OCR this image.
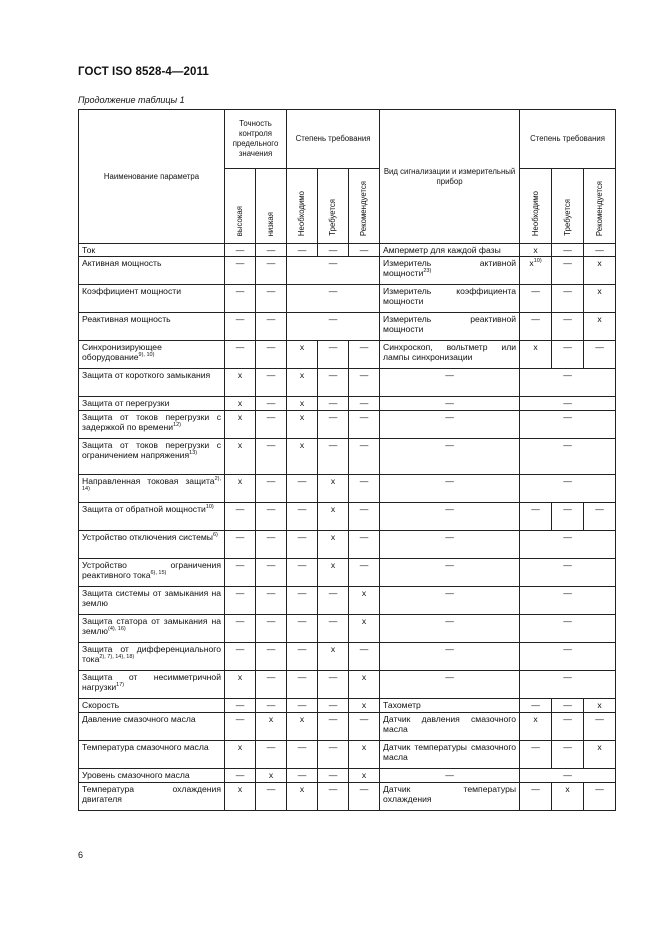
ГОСТ ISO 8528-4—2011
Продолжение таблицы 1
Наименование параметра	Точность контроля предельного значения		Степень требования			Вид сигнализации и измерительный прибор	Степень требования		
	высокая	низкая	Необходимо	Требуется	Рекомендуется		Необходимо	Требуется	Рекомендуется
Ток	—	—	—	—	—	Амперметр для каждой фазы	x	—	—
Активная мощность	—	—	—			Измеритель активной мощности$^{23)}$	$x^{10)}$	—	x
Коэффициент мощности	—	—	—			Измеритель коэффициента мощности	—	—	x
Реактивная мощность	—	—	—			Измеритель реактивной мощности	—	—	x
Синхронизирующее оборудование$^{9), 10)}$	—	—	x	—	—	Синхроскоп, вольтметр или лампы синхронизации	x	—	—
Защита от короткого замыкания	x	—	x	—	—	—	—		
Защита от перегрузки	x	—	x	—	—	—	—		
Защита от токов перегрузки с задержкой по времени$^{12)}$	x	—	x	—	—	—	—		
Защита от токов перегрузки с ограничением напряжения$^{13)}$	x	—	x	—	—	—	—		
Направленная токовая защита$^{2), 14)}$	x	—	—	x	—	—	—		
Защита от обратной мощности$^{10)}$	—	—	—	x	—	—	—	—	—
Устройство отключения системы$^{6)}$	—	—	—	x	—	—	—		
Устройство ограничения реактивного тока$^{6), 15)}$	—	—	—	x	—	—	—		
Защита системы от замыкания на землю	—	—	—	—	x	—	—		
Защита статора от замыкания на землю$^{(4), 16)}$	—	—	—	—	x	—	—		
Защита от дифференциального тока$^{2), 7), 14), 18)}$	—	—	—	x	—	—	—		
Защита от несимметричной нагрузки$^{17)}$	x	—	—	—	x	—	—		
Скорость	—	—	—	—	x	Тахометр	—	—	x
Давление смазочного масла	—	x	x	—	—	Датчик давления смазочного масла	x	—	—
Температура смазочного масла	x	—	—	—	x	Датчик температуры смазочного масла	—	—	x
Уровень смазочного масла	—	x	—	—	x	—	—		
Температура охлаждения двигателя	x	—	x	—	—	Датчик температуры охлаждения	—	x	—
6
